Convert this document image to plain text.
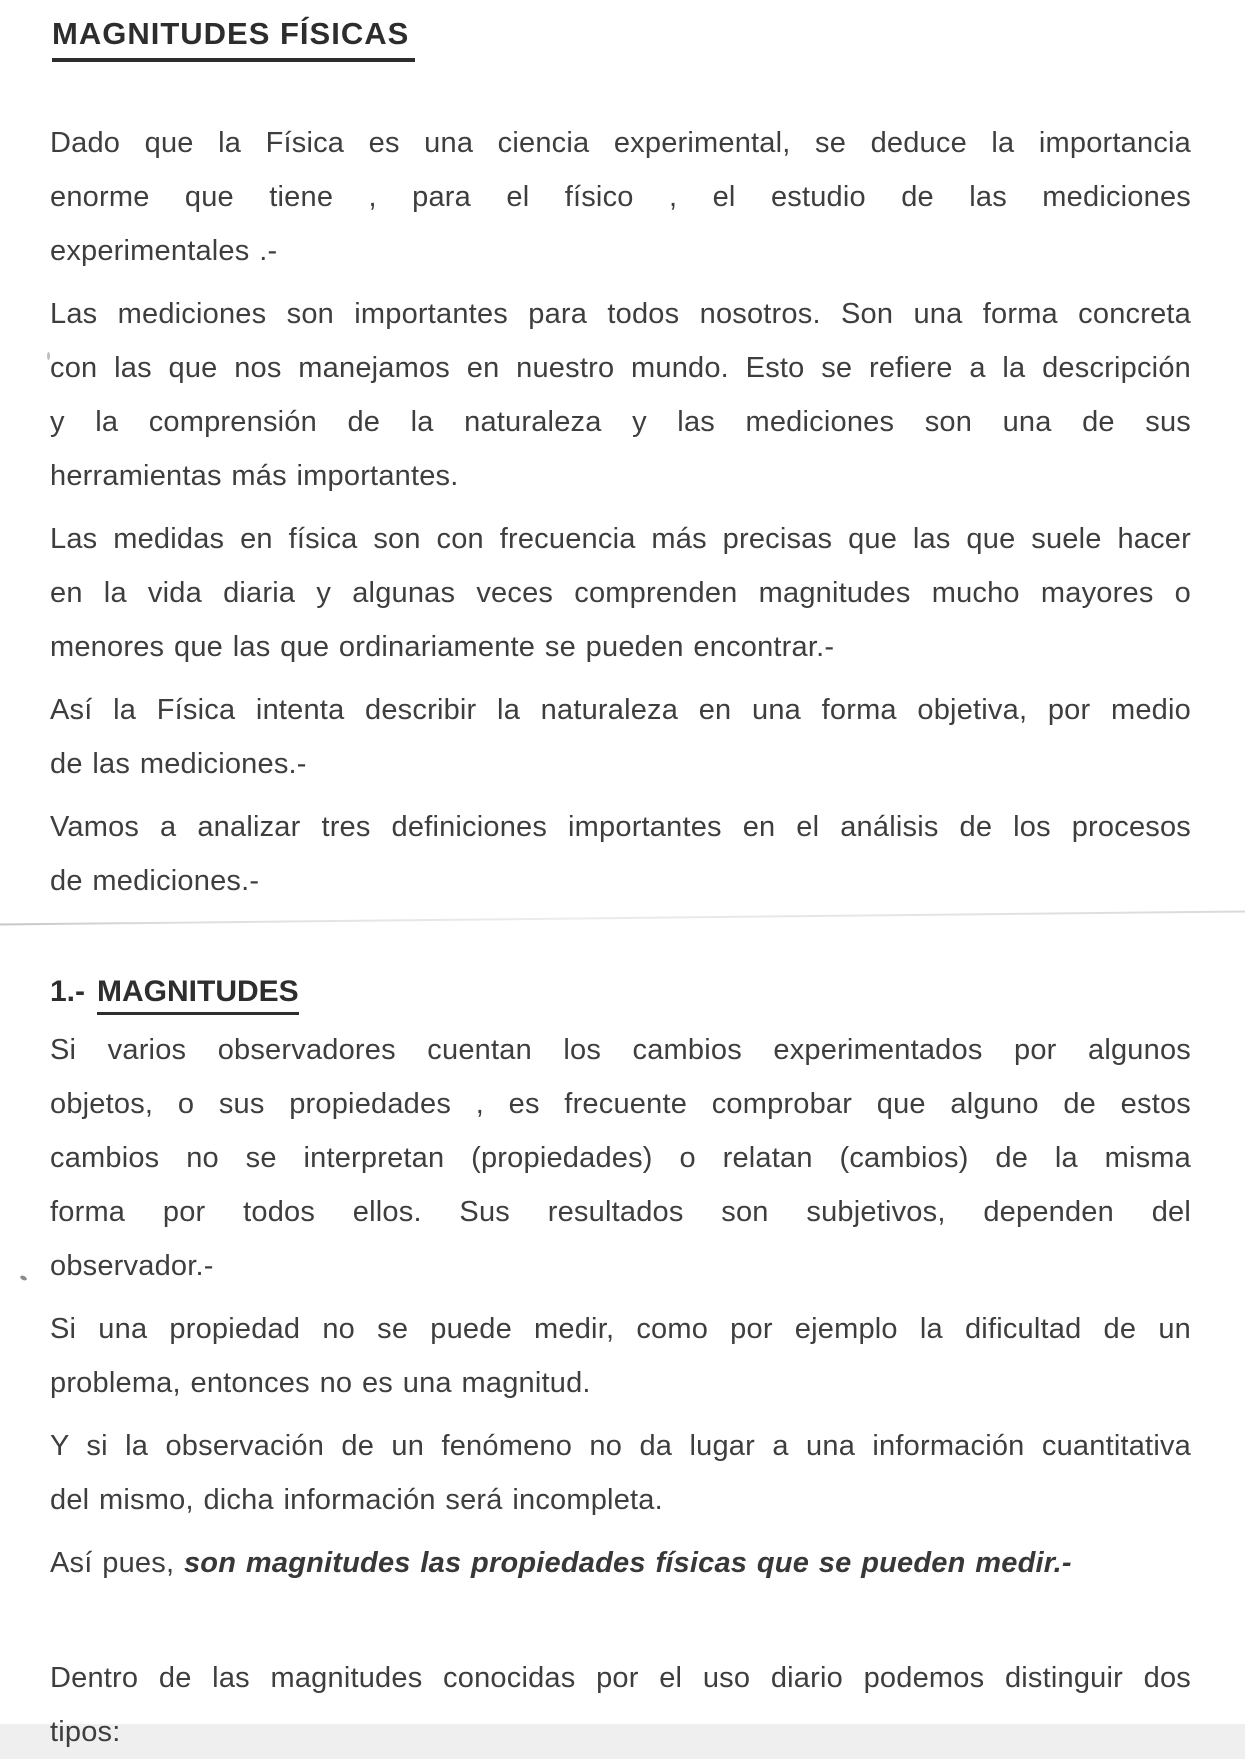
MAGNITUDES FÍSICAS
Dado que la Física es una ciencia experimental, se deduce la importancia
enorme que tiene , para el físico , el estudio de las mediciones
experimentales .-
Las mediciones son importantes para todos nosotros. Son una forma concreta
con las que nos manejamos en nuestro mundo. Esto se refiere a la descripción
y la comprensión de la naturaleza y las mediciones son una de sus
herramientas más importantes.
Las medidas en física son con frecuencia más precisas que las que suele hacer
en la vida diaria y algunas veces comprenden magnitudes mucho mayores o
menores que las que ordinariamente se pueden encontrar.-
Así la Física intenta describir la naturaleza en una forma objetiva, por medio
de las mediciones.-
Vamos a analizar tres definiciones importantes en el análisis de los procesos
de mediciones.-
1.- MAGNITUDES
Si varios observadores cuentan los cambios experimentados por algunos
objetos, o sus propiedades , es frecuente comprobar que alguno de estos
cambios no se interpretan (propiedades) o relatan (cambios) de la misma
forma por todos ellos. Sus resultados son subjetivos, dependen del
observador.-
Si una propiedad no se puede medir, como por ejemplo la dificultad de un
problema, entonces no es una magnitud.
Y si la observación de un fenómeno no da lugar a una información cuantitativa
del mismo, dicha información será incompleta.
Así pues, son magnitudes las propiedades físicas que se pueden medir.-
Dentro de las magnitudes conocidas por el uso diario podemos distinguir dos
tipos:
